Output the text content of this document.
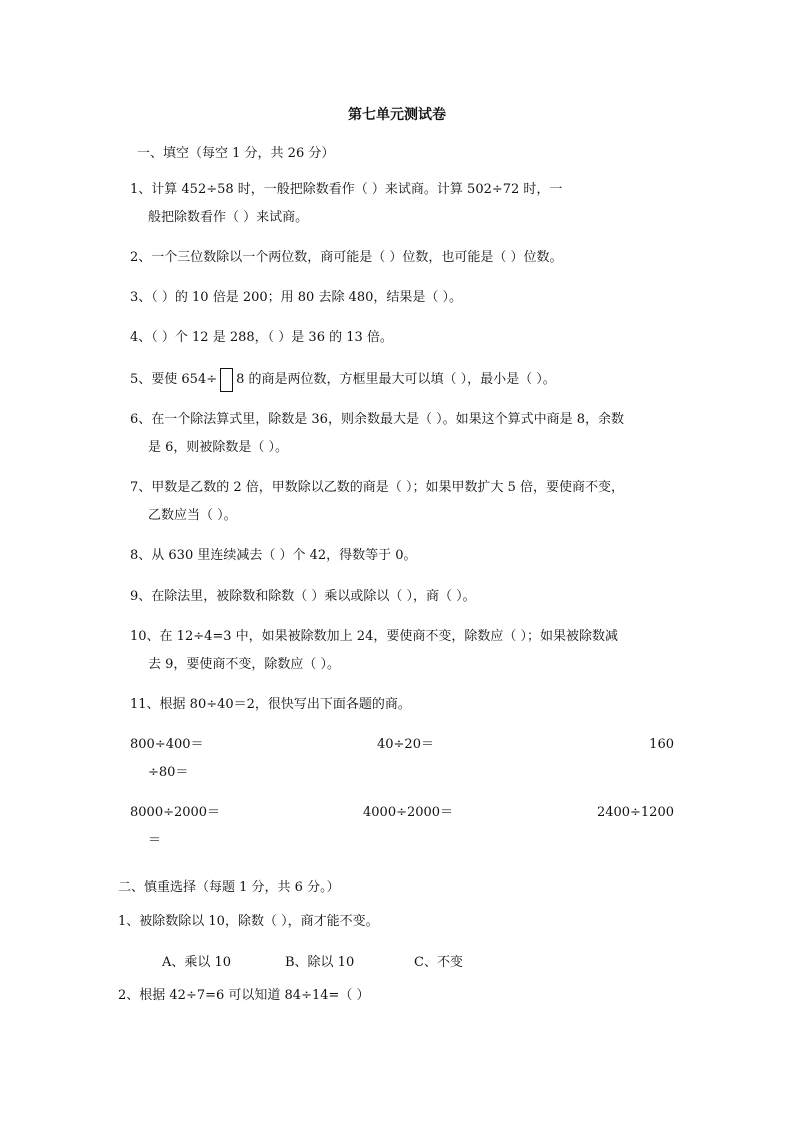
第七单元测试卷
一、填空（每空 1 分，共 26 分）
1、计算 452÷58 时，一般把除数看作（ ）来试商。计算 502÷72 时，一
般把除数看作（ ）来试商。
2、一个三位数除以一个两位数，商可能是（ ）位数，也可能是（ ）位数。
3、（ ）的 10 倍是 200；用 80 去除 480，结果是（ ）。
4、（ ）个 12 是 288，（ ）是 36 的 13 倍。
5、要使 654÷ 8 的商是两位数，方框里最大可以填（ ），最小是（ ）。
6、在一个除法算式里，除数是 36，则余数最大是（ ）。如果这个算式中商是 8，余数
是 6，则被除数是（ ）。
7、甲数是乙数的 2 倍，甲数除以乙数的商是（ ）；如果甲数扩大 5 倍，要使商不变，
乙数应当（ ）。
8、从 630 里连续减去（ ）个 42，得数等于 0。
9、在除法里，被除数和除数（ ）乘以或除以（ ），商（ ）。
10、在 12÷4=3 中，如果被除数加上 24，要使商不变，除数应（ ）；如果被除数减
去 9，要使商不变，除数应（ ）。
11、根据 80÷40＝2，很快写出下面各题的商。
800÷400＝	40÷20＝	160
÷80＝
8000÷2000＝	4000÷2000＝	2400÷1200
＝
二、慎重选择（每题 1 分，共 6 分。）
1、被除数除以 10，除数（ ），商才能不变。
A、乘以 10	B、除以 10	C、不变
2、根据 42÷7=6 可以知道 84÷14=（ ）
